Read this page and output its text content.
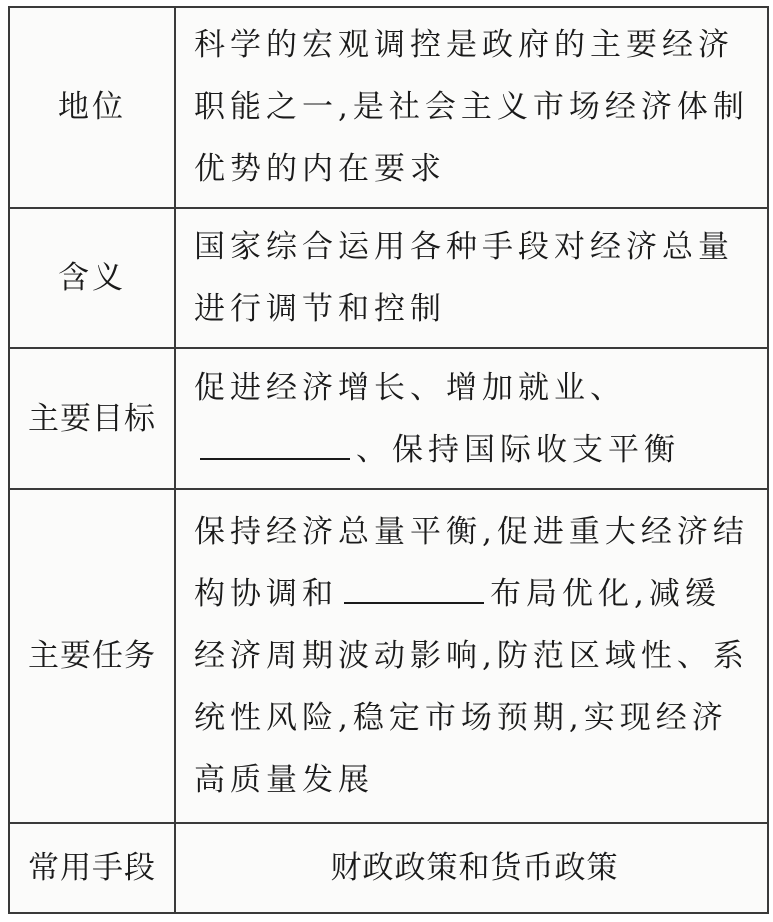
地位	科学的宏观调控是政府的主要经济职能之一,是社会主义市场经济体制优势的内在要求
含义	国家综合运用各种手段对经济总量进行调节和控制
主要目标	促进经济增长、增加就业、、保持国际收支平衡
主要任务	保持经济总量平衡,促进重大经济结构协调和 布局优化,减缓经济周期波动影响,防范区域性、系统性风险,稳定市场预期,实现经济高质量发展
常用手段	财政政策和货币政策
